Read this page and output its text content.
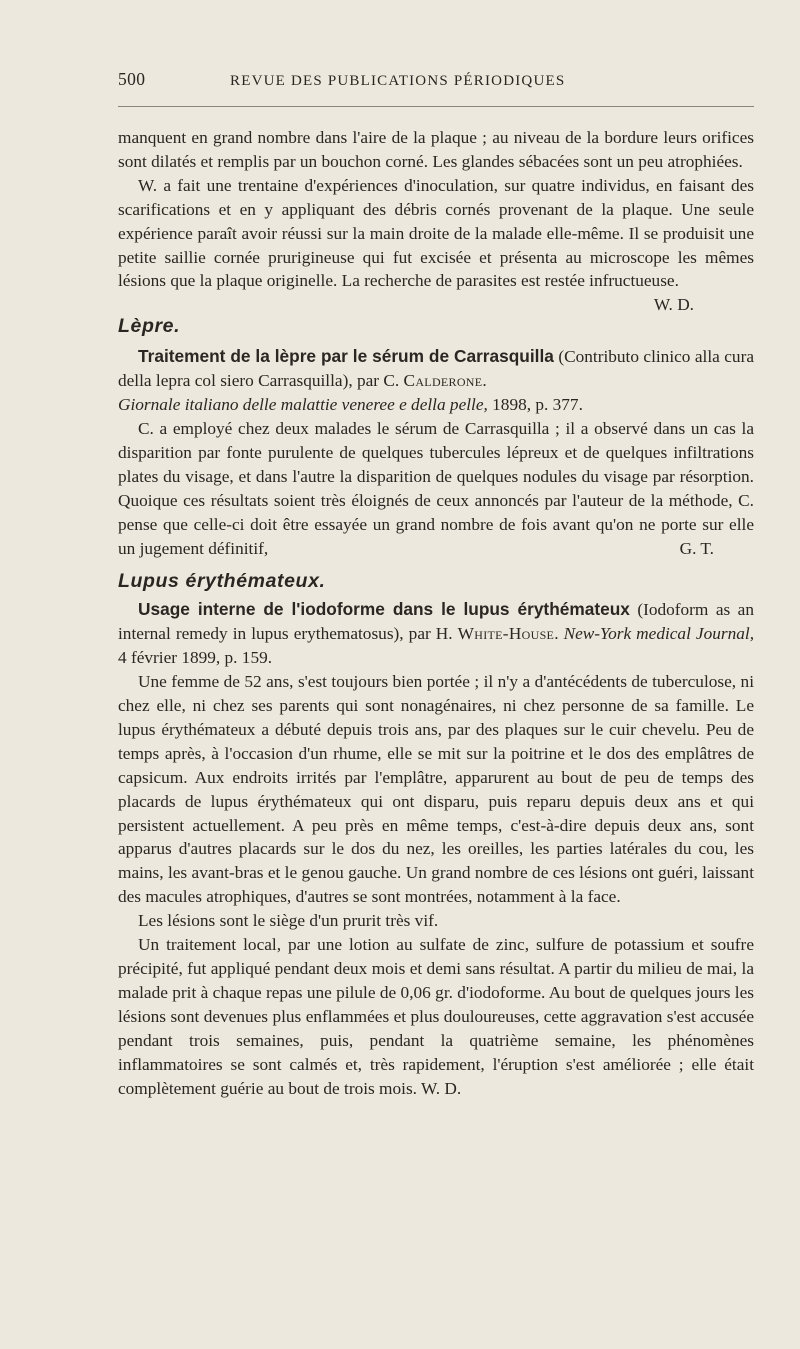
500	REVUE DES PUBLICATIONS PÉRIODIQUES

manquent en grand nombre dans l'aire de la plaque ; au niveau de la bordure leurs orifices sont dilatés et remplis par un bouchon corné. Les glandes sébacées sont un peu atrophiées.

W. a fait une trentaine d'expériences d'inoculation, sur quatre individus, en faisant des scarifications et en y appliquant des débris cornés provenant de la plaque. Une seule expérience paraît avoir réussi sur la main droite de la malade elle-même. Il se produisit une petite saillie cornée prurigineuse qui fut excisée et présenta au microscope les mêmes lésions que la plaque originelle. La recherche de parasites est restée infructueuse.

W. D.

Lèpre.

Traitement de la lèpre par le sérum de Carrasquilla (Contributo clinico alla cura della lepra col siero Carrasquilla), par C. Calderone.
Giornale italiano delle malattie veneree e della pelle, 1898, p. 377.

C. a employé chez deux malades le sérum de Carrasquilla ; il a observé dans un cas la disparition par fonte purulente de quelques tubercules lépreux et de quelques infiltrations plates du visage, et dans l'autre la disparition de quelques nodules du visage par résorption. Quoique ces résultats soient très éloignés de ceux annoncés par l'auteur de la méthode, C. pense que celle-ci doit être essayée un grand nombre de fois avant qu'on ne porte sur elle un jugement définitif,	G. T.

Lupus érythémateux.

Usage interne de l'iodoforme dans le lupus érythémateux (Iodoform as an internal remedy in lupus erythematosus), par H. White-House. New-York medical Journal, 4 février 1899, p. 159.

Une femme de 52 ans, s'est toujours bien portée ; il n'y a d'antécédents de tuberculose, ni chez elle, ni chez ses parents qui sont nonagénaires, ni chez personne de sa famille. Le lupus érythémateux a débuté depuis trois ans, par des plaques sur le cuir chevelu. Peu de temps après, à l'occasion d'un rhume, elle se mit sur la poitrine et le dos des emplâtres de capsicum. Aux endroits irrités par l'emplâtre, apparurent au bout de peu de temps des placards de lupus érythémateux qui ont disparu, puis reparu depuis deux ans et qui persistent actuellement. A peu près en même temps, c'est-à-dire depuis deux ans, sont apparus d'autres placards sur le dos du nez, les oreilles, les parties latérales du cou, les mains, les avant-bras et le genou gauche. Un grand nombre de ces lésions ont guéri, laissant des macules atrophiques, d'autres se sont montrées, notamment à la face.

Les lésions sont le siège d'un prurit très vif.

Un traitement local, par une lotion au sulfate de zinc, sulfure de potassium et soufre précipité, fut appliqué pendant deux mois et demi sans résultat. A partir du milieu de mai, la malade prit à chaque repas une pilule de 0,06 gr. d'iodoforme. Au bout de quelques jours les lésions sont devenues plus enflammées et plus douloureuses, cette aggravation s'est accusée pendant trois semaines, puis, pendant la quatrième semaine, les phénomènes inflammatoires se sont calmés et, très rapidement, l'éruption s'est améliorée ; elle était complètement guérie au bout de trois mois. W. D.
